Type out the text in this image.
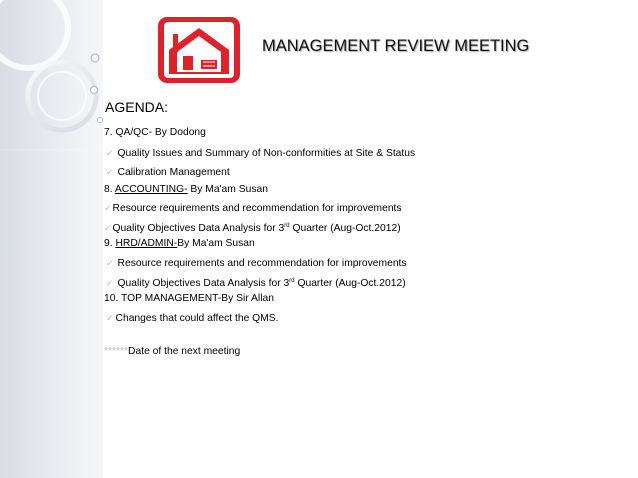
MANAGEMENT REVIEW MEETING
AGENDA:
7. QA/QC- By Dodong
✓ Quality Issues and Summary of Non-conformities at Site & Status
✓ Calibration Management
8. ACCOUNTING- By Ma'am Susan
✓Resource requirements and recommendation for improvements
✓Quality Objectives Data Analysis for 3rd Quarter (Aug-Oct.2012)
9. HRD/ADMIN-By Ma'am Susan
✓ Resource requirements and recommendation for improvements
✓ Quality Objectives Data Analysis for 3rd Quarter (Aug-Oct.2012)
10. TOP MANAGEMENT-By Sir Allan
✓ Changes that could affect the QMS.
******Date of the next meeting
